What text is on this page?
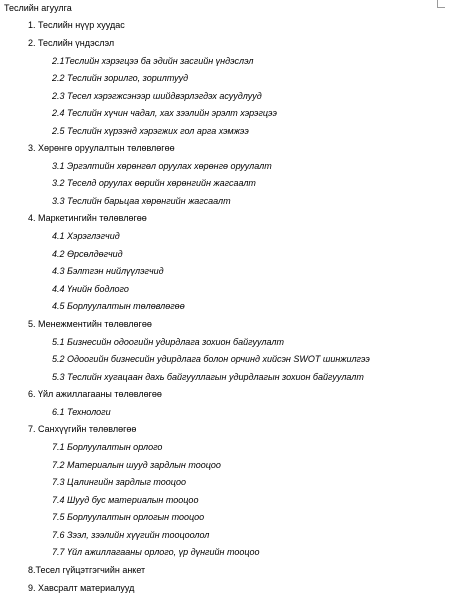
Теслийн агуулга
1. Теслийн нүүр хуудас
2. Теслийн үндэслэл
2.1Теслийн хэрэгцээ ба эдийн засгийн үндэслэл
2.2 Теслийн зорилго, зорилтууд
2.3 Тесел хэрэгжсэнээр шийдвэрлэгдэх асуудлууд
2.4 Теслийн хүчин чадал, хах зээлийн эрэлт хэрэгцээ
2.5 Теслийн хүрээнд хэрэгжих гол арга хэмжээ
3. Хөрөнгө оруулалтын төлөвлөгөө
3.1 Эргэлтийн хөрөнгөл оруулах хөрөнгө оруулалт
3.2 Теселд оруулах өөрийн хөрөнгийн жагсаалт
3.3 Теслийн барьцаа хөрөнгийн жагсаалт
4. Маркетингийн төлөвлөгөө
4.1 Хэрэглэгчид
4.2 Өрсөлдөгчид
4.3 Бэлтгэн нийлүүлэгчид
4.4 Үнийн бодлого
4.5 Борлуулалтын төлөвлөгөө
5. Менежментийн төлөвлөгөө
5.1 Бизнесийн одоогийн удирдлага зохион байгуулалт
5.2 Одоогийн бизнесийн удирдлага болон орчинд хийсэн SWOT шинжилгээ
5.3 Теслийн хугацаан дахь байгууллагын удирдлагын зохион байгуулалт
6. Үйл ажиллагааны төлөвлөгөө
6.1 Технологи
7. Санхүүгийн төлөвлөгөө
7.1 Борлуулалтын орлого
7.2 Материалын шууд зардлын тооцоо
7.3 Цалингийн зардлыг тооцоо
7.4 Шууд бус материалын тооцоо
7.5 Борлуулалтын орлогын тооцоо
7.6 Зээл, зээлийн хүүгийн тооцоолол
7.7 Үйл ажиллагааны орлого, үр дүнгийн тооцоо
8.Тесел гүйцэтгэгчийн анкет
9. Хавсралт материалууд
